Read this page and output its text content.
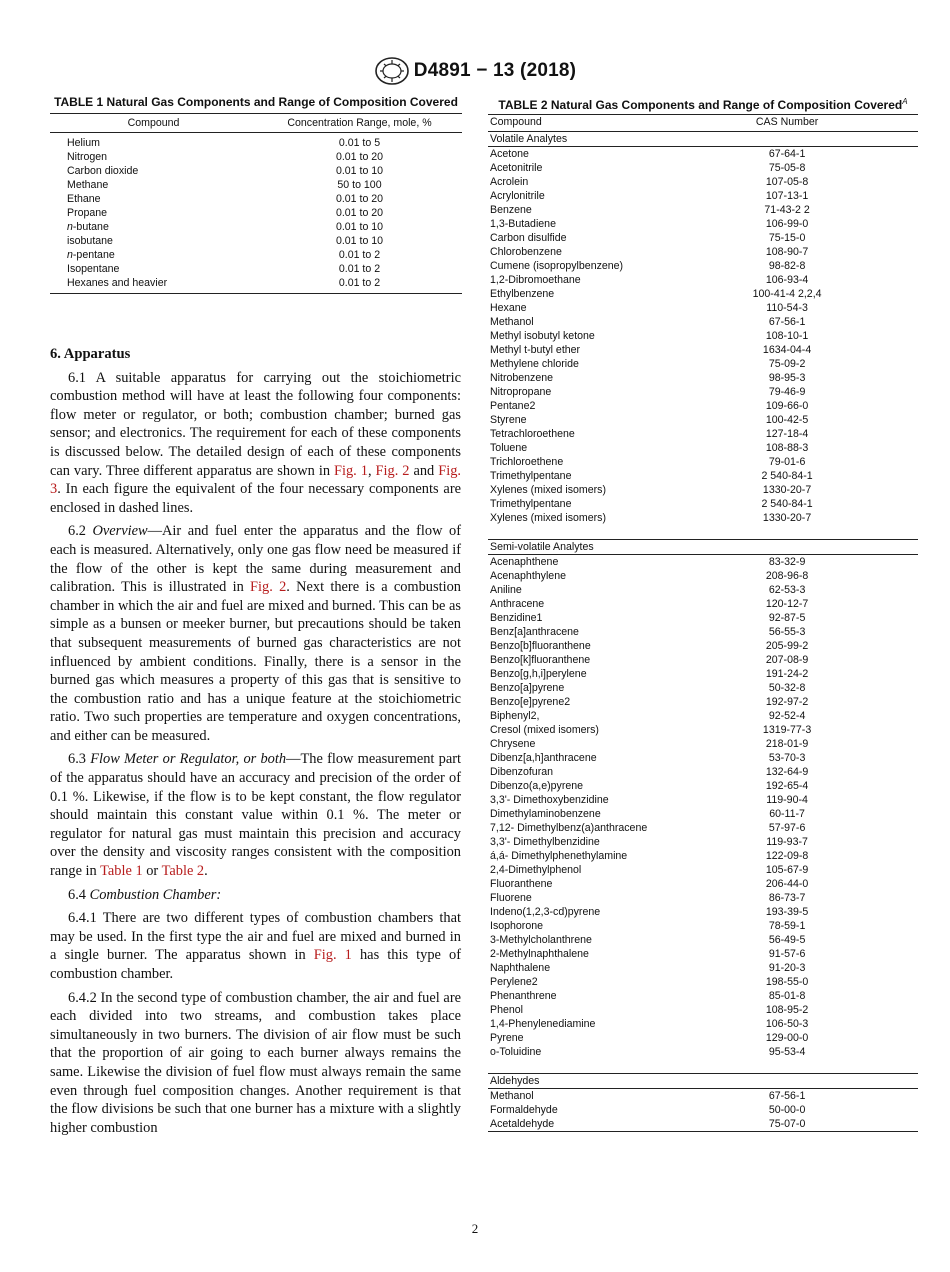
D4891 − 13 (2018)
TABLE 1 Natural Gas Components and Range of Composition Covered
Compound	Concentration Range, mole, %
Helium	0.01 to 5
Nitrogen	0.01 to 20
Carbon dioxide	0.01 to 10
Methane	50 to 100
Ethane	0.01 to 20
Propane	0.01 to 20
n-butane	0.01 to 10
isobutane	0.01 to 10
n-pentane	0.01 to 2
Isopentane	0.01 to 2
Hexanes and heavier	0.01 to 2
6. Apparatus

6.1 A suitable apparatus for carrying out the stoichiometric combustion method will have at least the following four components: flow meter or regulator, or both; combustion chamber; burned gas sensor; and electronics. The requirement for each of these components is discussed below. The detailed design of each of these components can vary. Three different apparatus are shown in Fig. 1, Fig. 2 and Fig. 3. In each figure the equivalent of the four necessary components are enclosed in dashed lines.

6.2 Overview—Air and fuel enter the apparatus and the flow of each is measured. Alternatively, only one gas flow need be measured if the flow of the other is kept the same during measurement and calibration. This is illustrated in Fig. 2. Next there is a combustion chamber in which the air and fuel are mixed and burned. This can be as simple as a bunsen or meeker burner, but precautions should be taken that subsequent measurements of burned gas characteristics are not influenced by ambient conditions. Finally, there is a sensor in the burned gas which measures a property of this gas that is sensitive to the combustion ratio and has a unique feature at the stoichiometric ratio. Two such properties are temperature and oxygen concentrations, and either can be measured.

6.3 Flow Meter or Regulator, or both—The flow measurement part of the apparatus should have an accuracy and precision of the order of 0.1 %. Likewise, if the flow is to be kept constant, the flow regulator should maintain this constant value within 0.1 %. The meter or regulator for natural gas must maintain this precision and accuracy over the density and viscosity ranges consistent with the composition range in Table 1 or Table 2.

6.4 Combustion Chamber:

6.4.1 There are two different types of combustion chambers that may be used. In the first type the air and fuel are mixed and burned in a single burner. The apparatus shown in Fig. 1 has this type of combustion chamber.

6.4.2 In the second type of combustion chamber, the air and fuel are each divided into two streams, and combustion takes place simultaneously in two burners. The division of air flow must be such that the proportion of air going to each burner always remains the same. Likewise the division of fuel flow must always remain the same even through fuel composition changes. Another requirement is that the flow divisions be such that one burner has a mixture with a slightly higher combustion

TABLE 2 Natural Gas Components and Range of Composition Covered$^A$
Compound	CAS Number
Volatile Analytes	
Acetone	67-64-1
Acetonitrile	75-05-8
Acrolein	107-05-8
Acrylonitrile	107-13-1
Benzene	71-43-2 2
1,3-Butadiene	106-99-0
Carbon disulfide	75-15-0
Chlorobenzene	108-90-7
Cumene (isopropylbenzene)	98-82-8
1,2-Dibromoethane	106-93-4
Ethylbenzene	100-41-4 2,2,4
Hexane	110-54-3
Methanol	67-56-1
Methyl isobutyl ketone	108-10-1
Methyl t-butyl ether	1634-04-4
Methylene chloride	75-09-2
Nitrobenzene	98-95-3
Nitropropane	79-46-9
Pentane2	109-66-0
Styrene	100-42-5
Tetrachloroethene	127-18-4
Toluene	108-88-3
Trichloroethene	79-01-6
Trimethylpentane	2 540-84-1
Xylenes (mixed isomers)	1330-20-7
Trimethylpentane	2 540-84-1
Xylenes (mixed isomers)	1330-20-7

Semi-volatile Analytes	
Acenaphthene	83-32-9
Acenaphthylene	208-96-8
Aniline	62-53-3
Anthracene	120-12-7
Benzidine1	92-87-5
Benz[a]anthracene	56-55-3
Benzo[b]fluoranthene	205-99-2
Benzo[k]fluoranthene	207-08-9
Benzo[g,h,i]perylene	191-24-2
Benzo[a]pyrene	50-32-8
Benzo[e]pyrene2	192-97-2
Biphenyl2,	92-52-4
Cresol (mixed isomers)	1319-77-3
Chrysene	218-01-9
Dibenz[a,h]anthracene	53-70-3
Dibenzofuran	132-64-9
Dibenzo(a,e)pyrene	192-65-4
3,3'- Dimethoxybenzidine	119-90-4
Dimethylaminobenzene	60-11-7
7,12- Dimethylbenz(a)anthracene	57-97-6
3,3'- Dimethylbenzidine	119-93-7
á,á- Dimethylphenethylamine	122-09-8
2,4-Dimethylphenol	105-67-9
Fluoranthene	206-44-0
Fluorene	86-73-7
Indeno(1,2,3-cd)pyrene	193-39-5
Isophorone	78-59-1
3-Methylcholanthrene	56-49-5
2-Methylnaphthalene	91-57-6
Naphthalene	91-20-3
Perylene2	198-55-0
Phenanthrene	85-01-8
Phenol	108-95-2
1,4-Phenylenediamine	106-50-3
Pyrene	129-00-0
o-Toluidine	95-53-4

Aldehydes	
Methanol	67-56-1
Formaldehyde	50-00-0
Acetaldehyde	75-07-0
2
